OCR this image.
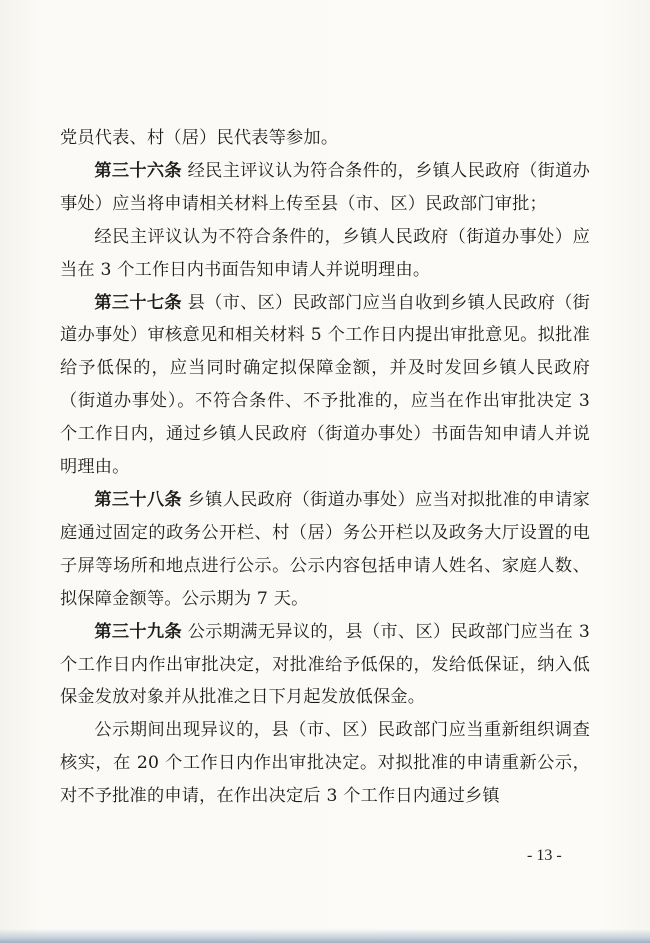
党员代表、村（居）民代表等参加。

第三十六条 经民主评议认为符合条件的，乡镇人民政府（街道办事处）应当将申请相关材料上传至县（市、区）民政部门审批；

经民主评议认为不符合条件的，乡镇人民政府（街道办事处）应当在 3 个工作日内书面告知申请人并说明理由。

第三十七条 县（市、区）民政部门应当自收到乡镇人民政府（街道办事处）审核意见和相关材料 5 个工作日内提出审批意见。拟批准给予低保的，应当同时确定拟保障金额，并及时发回乡镇人民政府（街道办事处）。不符合条件、不予批准的，应当在作出审批决定 3 个工作日内，通过乡镇人民政府（街道办事处）书面告知申请人并说明理由。

第三十八条 乡镇人民政府（街道办事处）应当对拟批准的申请家庭通过固定的政务公开栏、村（居）务公开栏以及政务大厅设置的电子屏等场所和地点进行公示。公示内容包括申请人姓名、家庭人数、拟保障金额等。公示期为 7 天。

第三十九条 公示期满无异议的，县（市、区）民政部门应当在 3 个工作日内作出审批决定，对批准给予低保的，发给低保证，纳入低保金发放对象并从批准之日下月起发放低保金。

公示期间出现异议的，县（市、区）民政部门应当重新组织调查核实，在 20 个工作日内作出审批决定。对拟批准的申请重新公示，对不予批准的申请，在作出决定后 3 个工作日内通过乡镇

- 13 -
